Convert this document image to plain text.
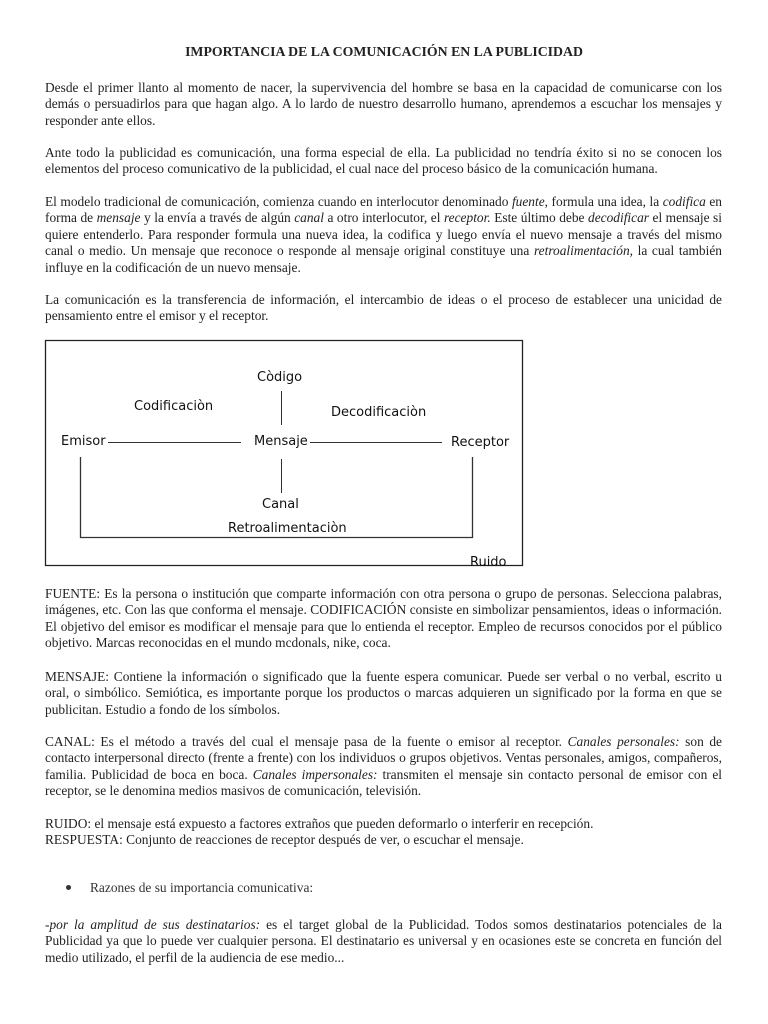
IMPORTANCIA DE LA COMUNICACIÓN EN LA PUBLICIDAD

Desde el primer llanto al momento de nacer, la supervivencia del hombre se basa en la capacidad de comunicarse con los demás o persuadirlos para que hagan algo. A lo lardo de nuestro desarrollo humano, aprendemos a escuchar los mensajes y responder ante ellos.

Ante todo la publicidad es comunicación, una forma especial de ella. La publicidad no tendría éxito si no se conocen los elementos del proceso comunicativo de la publicidad, el cual nace del proceso básico de la comunicación humana.

El modelo tradicional de comunicación, comienza cuando en interlocutor denominado fuente, formula una idea, la codifica en forma de mensaje y la envía a través de algún canal a otro interlocutor, el receptor. Este último debe decodificar el mensaje si quiere entenderlo. Para responder formula una nueva idea, la codifica y luego envía el nuevo mensaje a través del mismo canal o medio. Un mensaje que reconoce o responde al mensaje original constituye una retroalimentación, la cual también influye en la codificación de un nuevo mensaje.

La comunicación es la transferencia de información, el intercambio de ideas o el proceso de establecer una unicidad de pensamiento entre el emisor y el receptor.

Còdigo
Codificaciòn	Decodificaciòn
Emisor	Mensaje	Receptor
Canal
Retroalimentaciòn
Ruido

FUENTE: Es la persona o institución que comparte información con otra persona o grupo de personas. Selecciona palabras, imágenes, etc. Con las que conforma el mensaje. CODIFICACIÓN consiste en simbolizar pensamientos, ideas o información. El objetivo del emisor es modificar el mensaje para que lo entienda el receptor. Empleo de recursos conocidos por el público objetivo. Marcas reconocidas en el mundo mcdonals, nike, coca.

MENSAJE: Contiene la información o significado que la fuente espera comunicar. Puede ser verbal o no verbal, escrito u oral, o simbólico. Semiótica, es importante porque los productos o marcas adquieren un significado por la forma en que se publicitan. Estudio a fondo de los símbolos.

CANAL: Es el método a través del cual el mensaje pasa de la fuente o emisor al receptor. Canales personales: son de contacto interpersonal directo (frente a frente) con los individuos o grupos objetivos. Ventas personales, amigos, compañeros, familia. Publicidad de boca en boca. Canales impersonales: transmiten el mensaje sin contacto personal de emisor con el receptor, se le denomina medios masivos de comunicación, televisión.

RUIDO: el mensaje está expuesto a factores extraños que pueden deformarlo o interferir en recepción.

RESPUESTA: Conjunto de reacciones de receptor después de ver, o escuchar el mensaje.

Razones de su importancia comunicativa:

-por la amplitud de sus destinatarios: es el target global de la Publicidad. Todos somos destinatarios potenciales de la Publicidad ya que lo puede ver cualquier persona. El destinatario es universal y en ocasiones este se concreta en función del medio utilizado, el perfil de la audiencia de ese medio...
